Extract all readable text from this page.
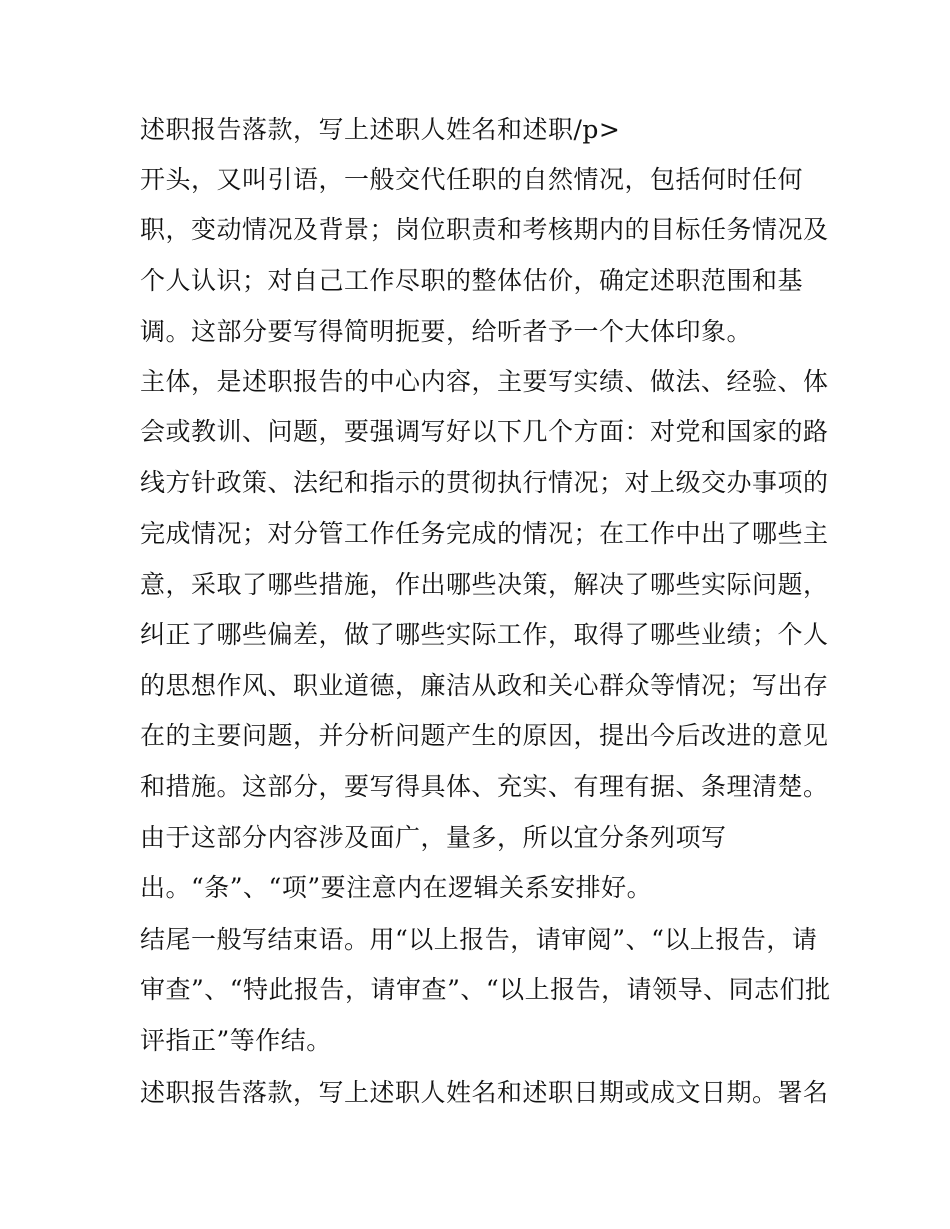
述职报告落款，写上述职人姓名和述职/p>
开头，又叫引语，一般交代任职的自然情况，包括何时任何
职，变动情况及背景；岗位职责和考核期内的目标任务情况及
个人认识；对自己工作尽职的整体估价，确定述职范围和基
调。这部分要写得简明扼要，给听者予一个大体印象。
主体，是述职报告的中心内容，主要写实绩、做法、经验、体
会或教训、问题，要强调写好以下几个方面：对党和国家的路
线方针政策、法纪和指示的贯彻执行情况；对上级交办事项的
完成情况；对分管工作任务完成的情况；在工作中出了哪些主
意，采取了哪些措施，作出哪些决策，解决了哪些实际问题，
纠正了哪些偏差，做了哪些实际工作，取得了哪些业绩；个人
的思想作风、职业道德，廉洁从政和关心群众等情况；写出存
在的主要问题，并分析问题产生的原因，提出今后改进的意见
和措施。这部分，要写得具体、充实、有理有据、条理清楚。
由于这部分内容涉及面广，量多，所以宜分条列项写
出。“条”、“项”要注意内在逻辑关系安排好。
结尾一般写结束语。用“以上报告，请审阅”、“以上报告，请
审查”、“特此报告，请审查”、“以上报告，请领导、同志们批
评指正”等作结。
述职报告落款，写上述职人姓名和述职日期或成文日期。署名
